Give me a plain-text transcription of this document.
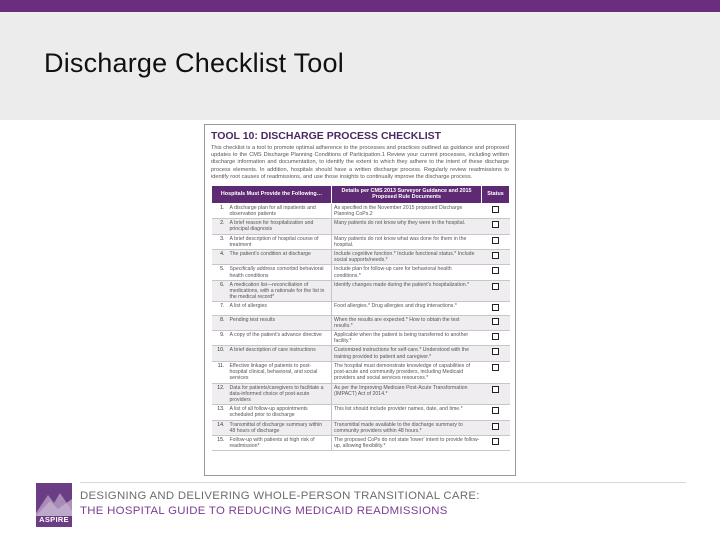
Discharge Checklist Tool
TOOL 10: DISCHARGE PROCESS CHECKLIST

This checklist is a tool to promote optimal adherence to the processes and practices outlined as guidance and proposed updates to the CMS Discharge Planning Conditions of Participation.1 Review your current processes, including written discharge information and documentation, to identify the extent to which they adhere to the intent of these discharge process elements. In addition, hospitals should have a written discharge process. Regularly review readmissions to identify root causes of readmissions, and use those insights to continually improve the discharge process.

Hospitals Must Provide the Following…		Details per CMS 2013 Surveyor Guidance and 2015 Proposed Rule Documents	Status
1.	A discharge plan for all inpatients and observation patients	As specified in the November 2015 proposed Discharge Planning CoPs.2	
2.	A brief reason for hospitalization and principal diagnosis	Many patients do not know why they were in the hospital.	
3.	A brief description of hospital course of treatment	Many patients do not know what was done for them in the hospital.	
4.	The patient's condition at discharge	Include cognitive function.* Include functional status.* Include social supports/needs.*	
5.	Specifically address comorbid behavioral health conditions	Include plan for follow-up care for behavioral health conditions.*	
6.	A medication list—reconciliation of medications, with a rationale for the list in the medical record*	Identify changes made during the patient's hospitalization.*	
7.	A list of allergies	Food allergies.* Drug allergies and drug interactions.*	
8.	Pending test results	When the results are expected.* How to obtain the test results.*	
9.	A copy of the patient's advance directive	Applicable when the patient is being transferred to another facility.*	
10.	A brief description of care instructions	Customized instructions for self-care.* Understood with the training provided to patient and caregiver.*	
11.	Effective linkage of patients to post-hospital clinical, behavioral, and social services	The hospital must demonstrate knowledge of capabilities of post-acute and community providers, including Medicaid providers and social services resources.*	
12.	Data for patients/caregivers to facilitate a data-informed choice of post-acute providers	As per the Improving Medicare Post-Acute Transformation (IMPACT) Act of 2014.*	
13.	A list of all follow-up appointments scheduled prior to discharge	This list should include provider names, date, and time.*	
14.	Transmittal of discharge summary within 48 hours of discharge	Transmittal made available to the discharge summary to community providers within 48 hours.*	
15.	Follow-up with patients at high risk of readmission*	The proposed CoPs do not state 'lower' intent to provide follow-up, allowing flexibility.*	
ASPIRE
DESIGNING AND DELIVERING WHOLE-PERSON TRANSITIONAL CARE:
THE HOSPITAL GUIDE TO REDUCING MEDICAID READMISSIONS
